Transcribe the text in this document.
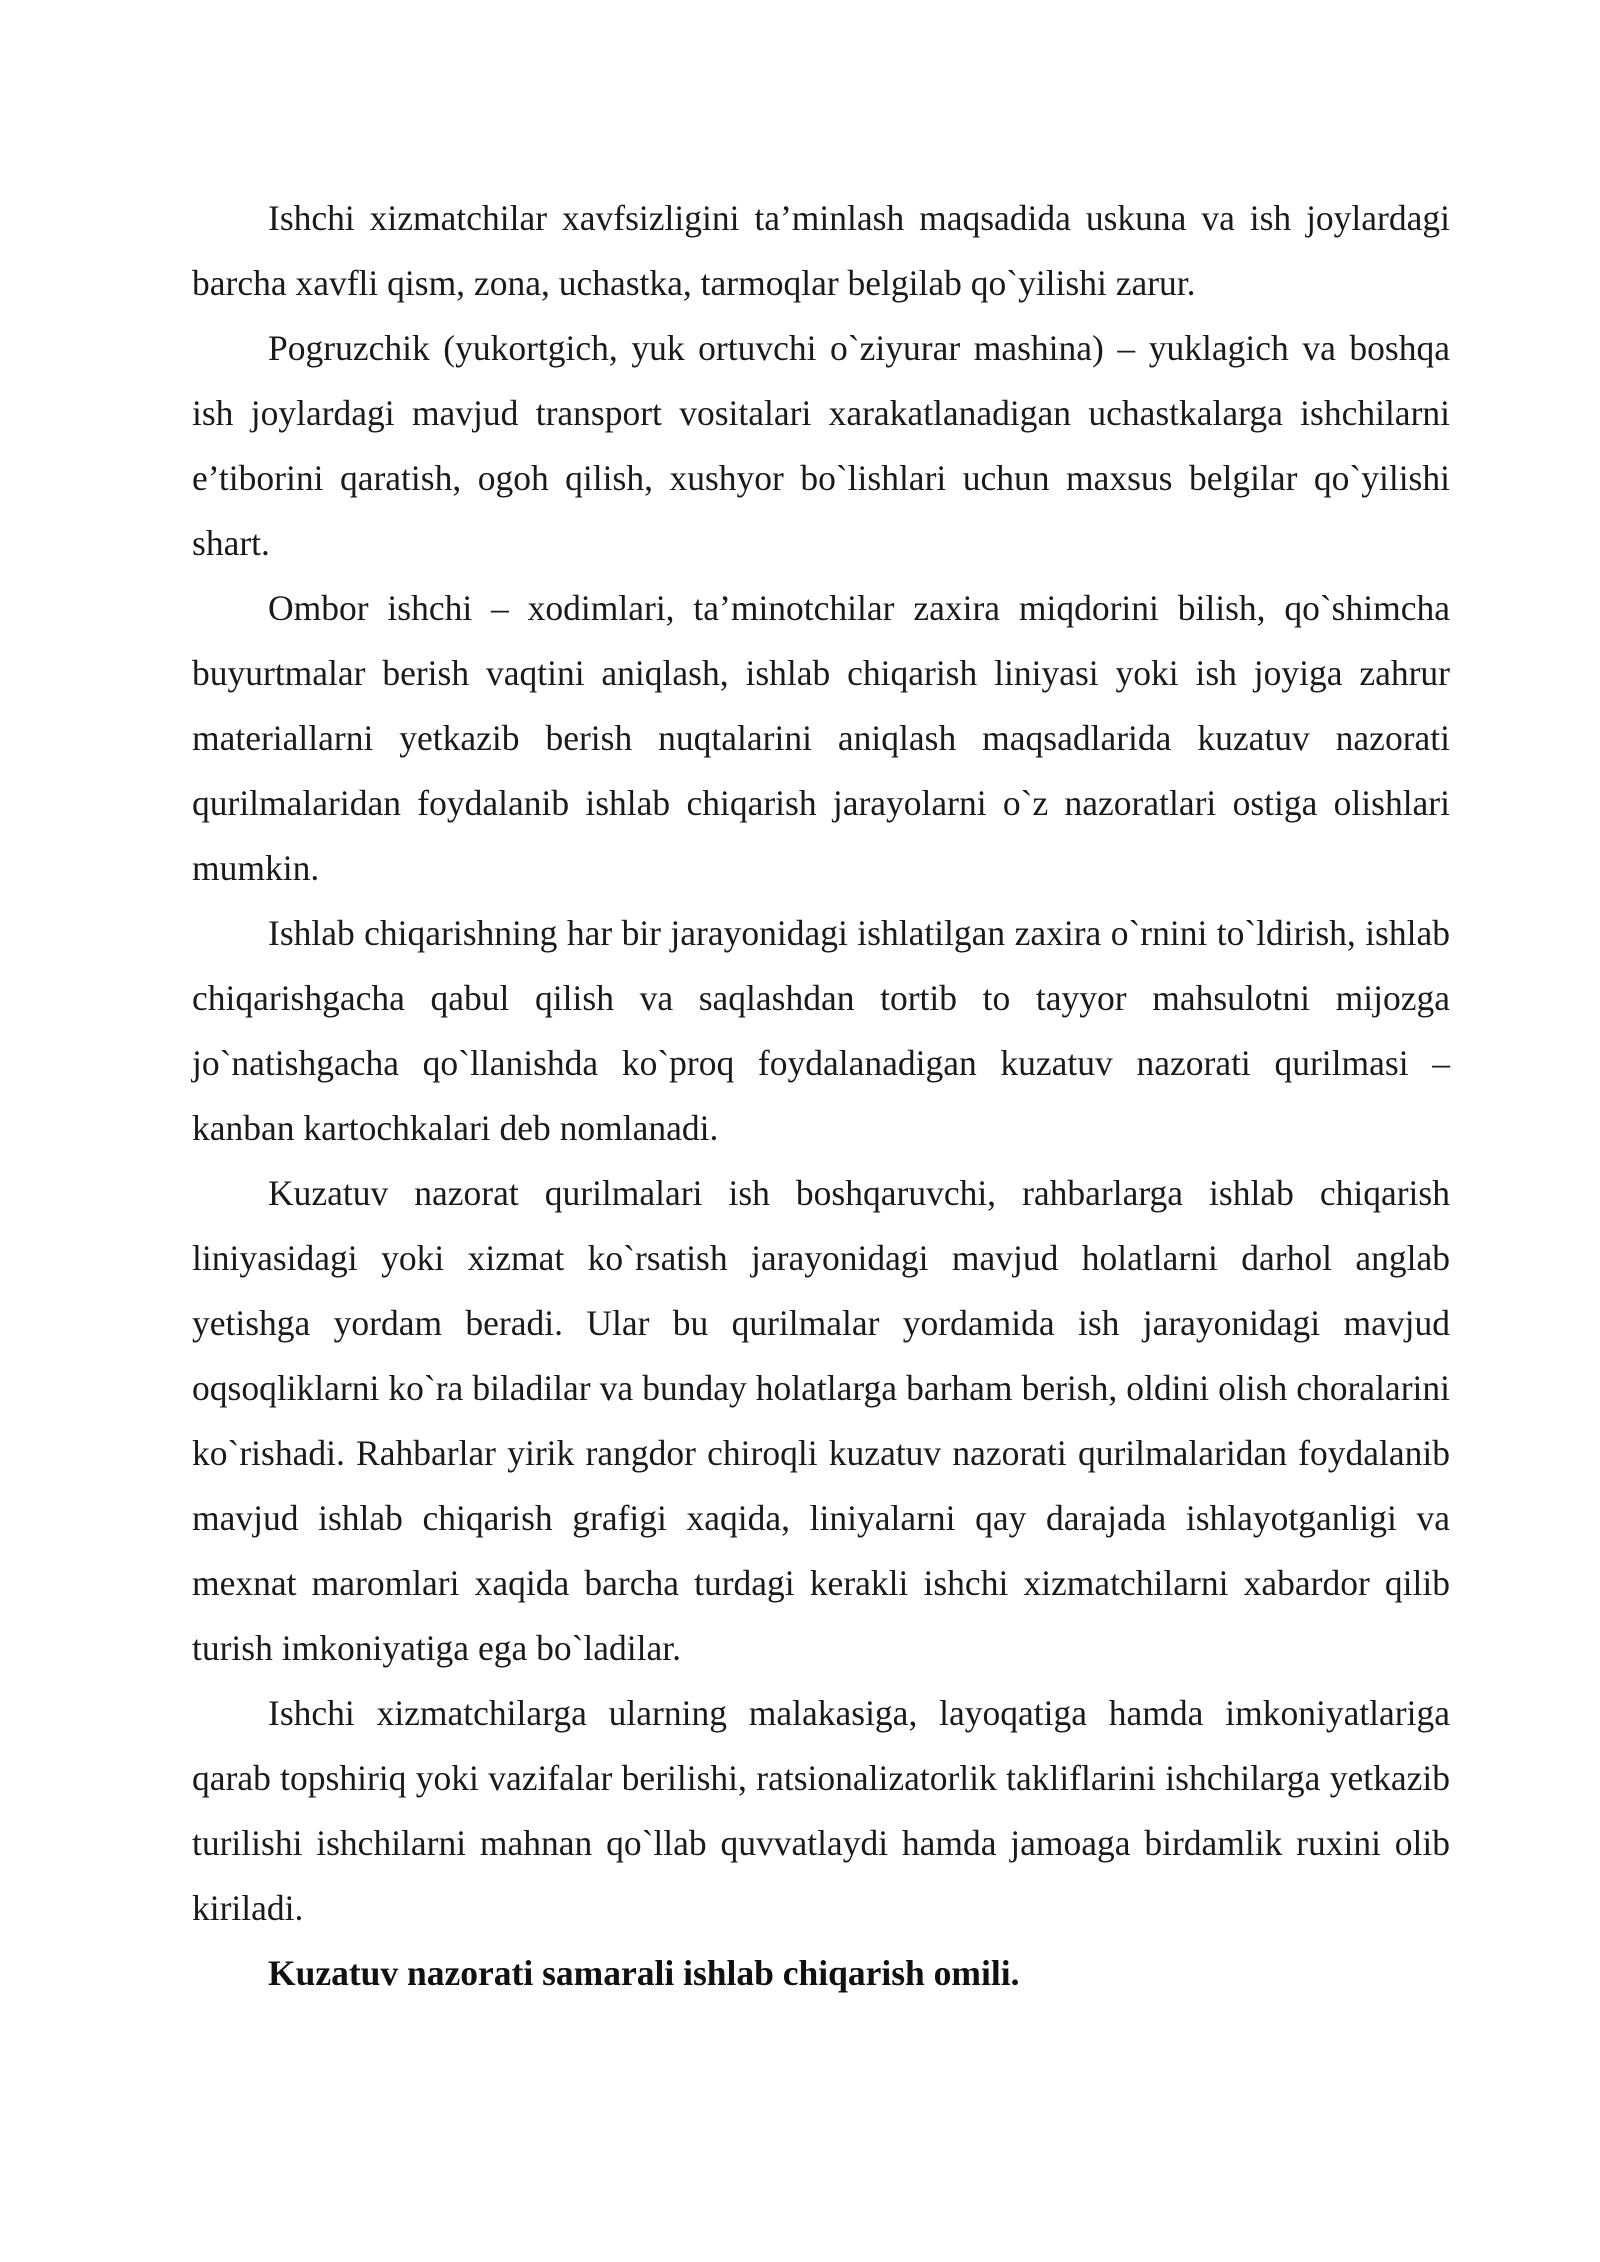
Ishchi xizmatchilar xavfsizligini ta’minlash maqsadida uskuna va ish joylardagi barcha xavfli qism, zona, uchastka, tarmoqlar belgilab qo`yilishi zarur.

Pogruzchik (yukortgich, yuk ortuvchi o`ziyurar mashina) – yuklagich va boshqa ish joylardagi mavjud transport vositalari xarakatlanadigan uchastkalarga ishchilarni e’tiborini qaratish, ogoh qilish, xushyor bo`lishlari uchun maxsus belgilar qo`yilishi shart.

Ombor ishchi – xodimlari, ta’minotchilar zaxira miqdorini bilish, qo`shimcha buyurtmalar berish vaqtini aniqlash, ishlab chiqarish liniyasi yoki ish joyiga zahrur materiallarni yetkazib berish nuqtalarini aniqlash maqsadlarida kuzatuv nazorati qurilmalaridan foydalanib ishlab chiqarish jarayolarni o`z nazoratlari ostiga olishlari mumkin.

Ishlab chiqarishning har bir jarayonidagi ishlatilgan zaxira o`rnini to`ldirish, ishlab chiqarishgacha qabul qilish va saqlashdan tortib to tayyor mahsulotni mijozga jo`natishgacha qo`llanishda ko`proq foydalanadigan kuzatuv nazorati qurilmasi – kanban kartochkalari deb nomlanadi.

Kuzatuv nazorat qurilmalari ish boshqaruvchi, rahbarlarga ishlab chiqarish liniyasidagi yoki xizmat ko`rsatish jarayonidagi mavjud holatlarni darhol anglab yetishga yordam beradi. Ular bu qurilmalar yordamida ish jarayonidagi mavjud oqsoqliklarni ko`ra biladilar va bunday holatlarga barham berish, oldini olish choralarini ko`rishadi. Rahbarlar yirik rangdor chiroqli kuzatuv nazorati qurilmalaridan foydalanib mavjud ishlab chiqarish grafigi xaqida, liniyalarni qay darajada ishlayotganligi va mexnat maromlari xaqida barcha turdagi kerakli ishchi xizmatchilarni xabardor qilib turish imkoniyatiga ega bo`ladilar.

Ishchi xizmatchilarga ularning malakasiga, layoqatiga hamda imkoniyatlariga qarab topshiriq yoki vazifalar berilishi, ratsionalizatorlik takliflarini ishchilarga yetkazib turilishi ishchilarni mahnan qo`llab quvvatlaydi hamda jamoaga birdamlik ruxini olib kiriladi.

Kuzatuv nazorati samarali ishlab chiqarish omili.
